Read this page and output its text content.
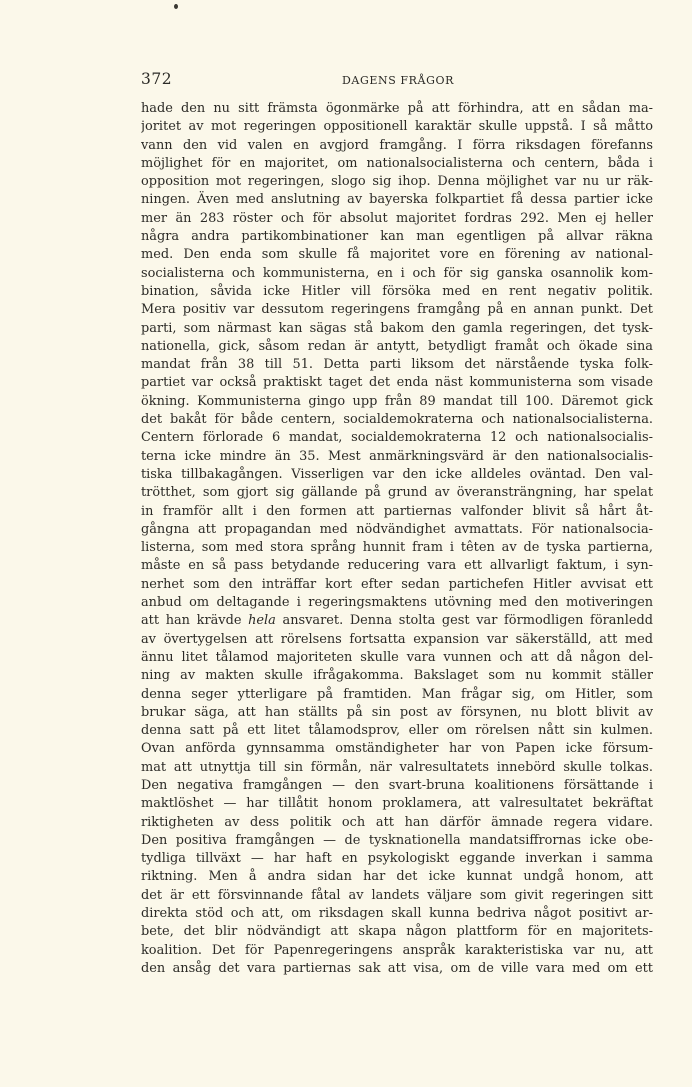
372	DAGENS FRÅGOR
hade den nu sitt främsta ögonmärke på att förhindra, att en sådan ma-
joritet av mot regeringen oppositionell karaktär skulle uppstå. I så måtto
vann den vid valen en avgjord framgång. I förra riksdagen förefanns
möjlighet för en majoritet, om nationalsocialisterna och centern, båda i
opposition mot regeringen, slogo sig ihop. Denna möjlighet var nu ur räk-
ningen. Även med anslutning av bayerska folkpartiet få dessa partier icke
mer än 283 röster och för absolut majoritet fordras 292. Men ej heller
några andra partikombinationer kan man egentligen på allvar räkna
med. Den enda som skulle få majoritet vore en förening av national-
socialisterna och kommunisterna, en i och för sig ganska osannolik kom-
bination, såvida icke Hitler vill försöka med en rent negativ politik.
Mera positiv var dessutom regeringens framgång på en annan punkt. Det
parti, som närmast kan sägas stå bakom den gamla regeringen, det tysk-
nationella, gick, såsom redan är antytt, betydligt framåt och ökade sina
mandat från 38 till 51. Detta parti liksom det närstående tyska folk-
partiet var också praktiskt taget det enda näst kommunisterna som visade
ökning. Kommunisterna gingo upp från 89 mandat till 100. Däremot gick
det bakåt för både centern, socialdemokraterna och nationalsocialisterna.
Centern förlorade 6 mandat, socialdemokraterna 12 och nationalsocialis-
terna icke mindre än 35. Mest anmärkningsvärd är den nationalsocialis-
tiska tillbakagången. Visserligen var den icke alldeles oväntad. Den val-
trötthet, som gjort sig gällande på grund av överansträngning, har spelat
in framför allt i den formen att partiernas valfonder blivit så hårt åt-
gångna att propagandan med nödvändighet avmattats. För nationalsocia-
listerna, som med stora språng hunnit fram i têten av de tyska partierna,
måste en så pass betydande reducering vara ett allvarligt faktum, i syn-
nerhet som den inträffar kort efter sedan partichefen Hitler avvisat ett
anbud om deltagande i regeringsmaktens utövning med den motiveringen
att han krävde hela ansvaret. Denna stolta gest var förmodligen föranledd
av övertygelsen att rörelsens fortsatta expansion var säkerställd, att med
ännu litet tålamod majoriteten skulle vara vunnen och att då någon del-
ning av makten skulle ifrågakomma. Bakslaget som nu kommit ställer
denna seger ytterligare på framtiden. Man frågar sig, om Hitler, som
brukar säga, att han ställts på sin post av försynen, nu blott blivit av
denna satt på ett litet tålamodsprov, eller om rörelsen nått sin kulmen.
Ovan anförda gynnsamma omständigheter har von Papen icke försum-
mat att utnyttja till sin förmån, när valresultatets innebörd skulle tolkas.
Den negativa framgången — den svart-bruna koalitionens försättande i
maktlöshet — har tillåtit honom proklamera, att valresultatet bekräftat
riktigheten av dess politik och att han därför ämnade regera vidare.
Den positiva framgången — de tysknationella mandatsiffrornas icke obe-
tydliga tillväxt — har haft en psykologiskt eggande inverkan i samma
riktning. Men å andra sidan har det icke kunnat undgå honom, att
det är ett försvinnande fåtal av landets väljare som givit regeringen sitt
direkta stöd och att, om riksdagen skall kunna bedriva något positivt ar-
bete, det blir nödvändigt att skapa någon plattform för en majoritets-
koalition. Det för Papenregeringens anspråk karakteristiska var nu, att
den ansåg det vara partiernas sak att visa, om de ville vara med om ett
